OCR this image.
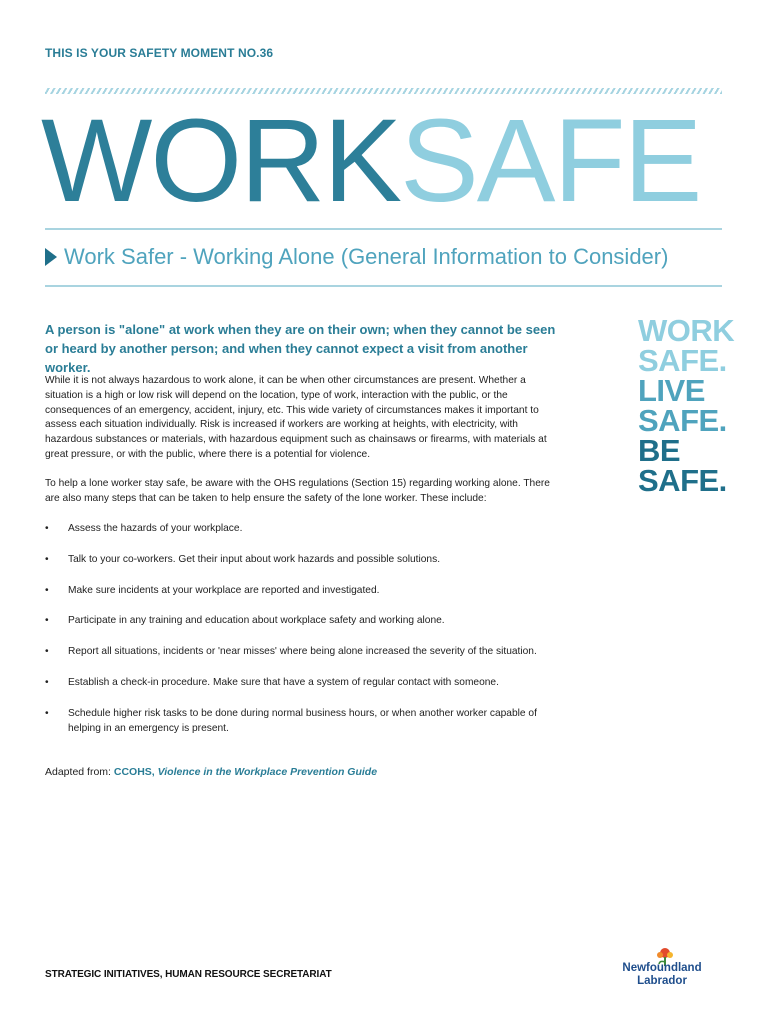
THIS IS YOUR SAFETY MOMENT NO.36
WORKSAFE
Work Safer - Working Alone (General Information to Consider)
A person is "alone" at work when they are on their own; when they cannot be seen or heard by another person; and when they cannot expect a visit from another worker.
While it is not always hazardous to work alone, it can be when other circumstances are present. Whether a situation is a high or low risk will depend on the location, type of work, interaction with the public, or the consequences of an emergency, accident, injury, etc. This wide variety of circumstances makes it important to assess each situation individually. Risk is increased if workers are working at heights, with electricity, with hazardous substances or materials, with hazardous equipment such as chainsaws or firearms, with materials at great pressure, or with the public, where there is a potential for violence.
To help a lone worker stay safe, be aware with the OHS regulations (Section 15) regarding working alone. There are also many steps that can be taken to help ensure the safety of the lone worker. These include:
• Assess the hazards of your workplace.
• Talk to your co-workers. Get their input about work hazards and possible solutions.
• Make sure incidents at your workplace are reported and investigated.
• Participate in any training and education about workplace safety and working alone.
• Report all situations, incidents or 'near misses' where being alone increased the severity of the situation.
• Establish a check-in procedure. Make sure that have a system of regular contact with someone.
• Schedule higher risk tasks to be done during normal business hours, or when another worker capable of helping in an emergency is present.
Adapted from: CCOHS, Violence in the Workplace Prevention Guide
WORK
SAFE.
LIVE
SAFE.
BE
SAFE.
STRATEGIC INITIATIVES, HUMAN RESOURCE SECRETARIAT
Newfoundland
Labrador
